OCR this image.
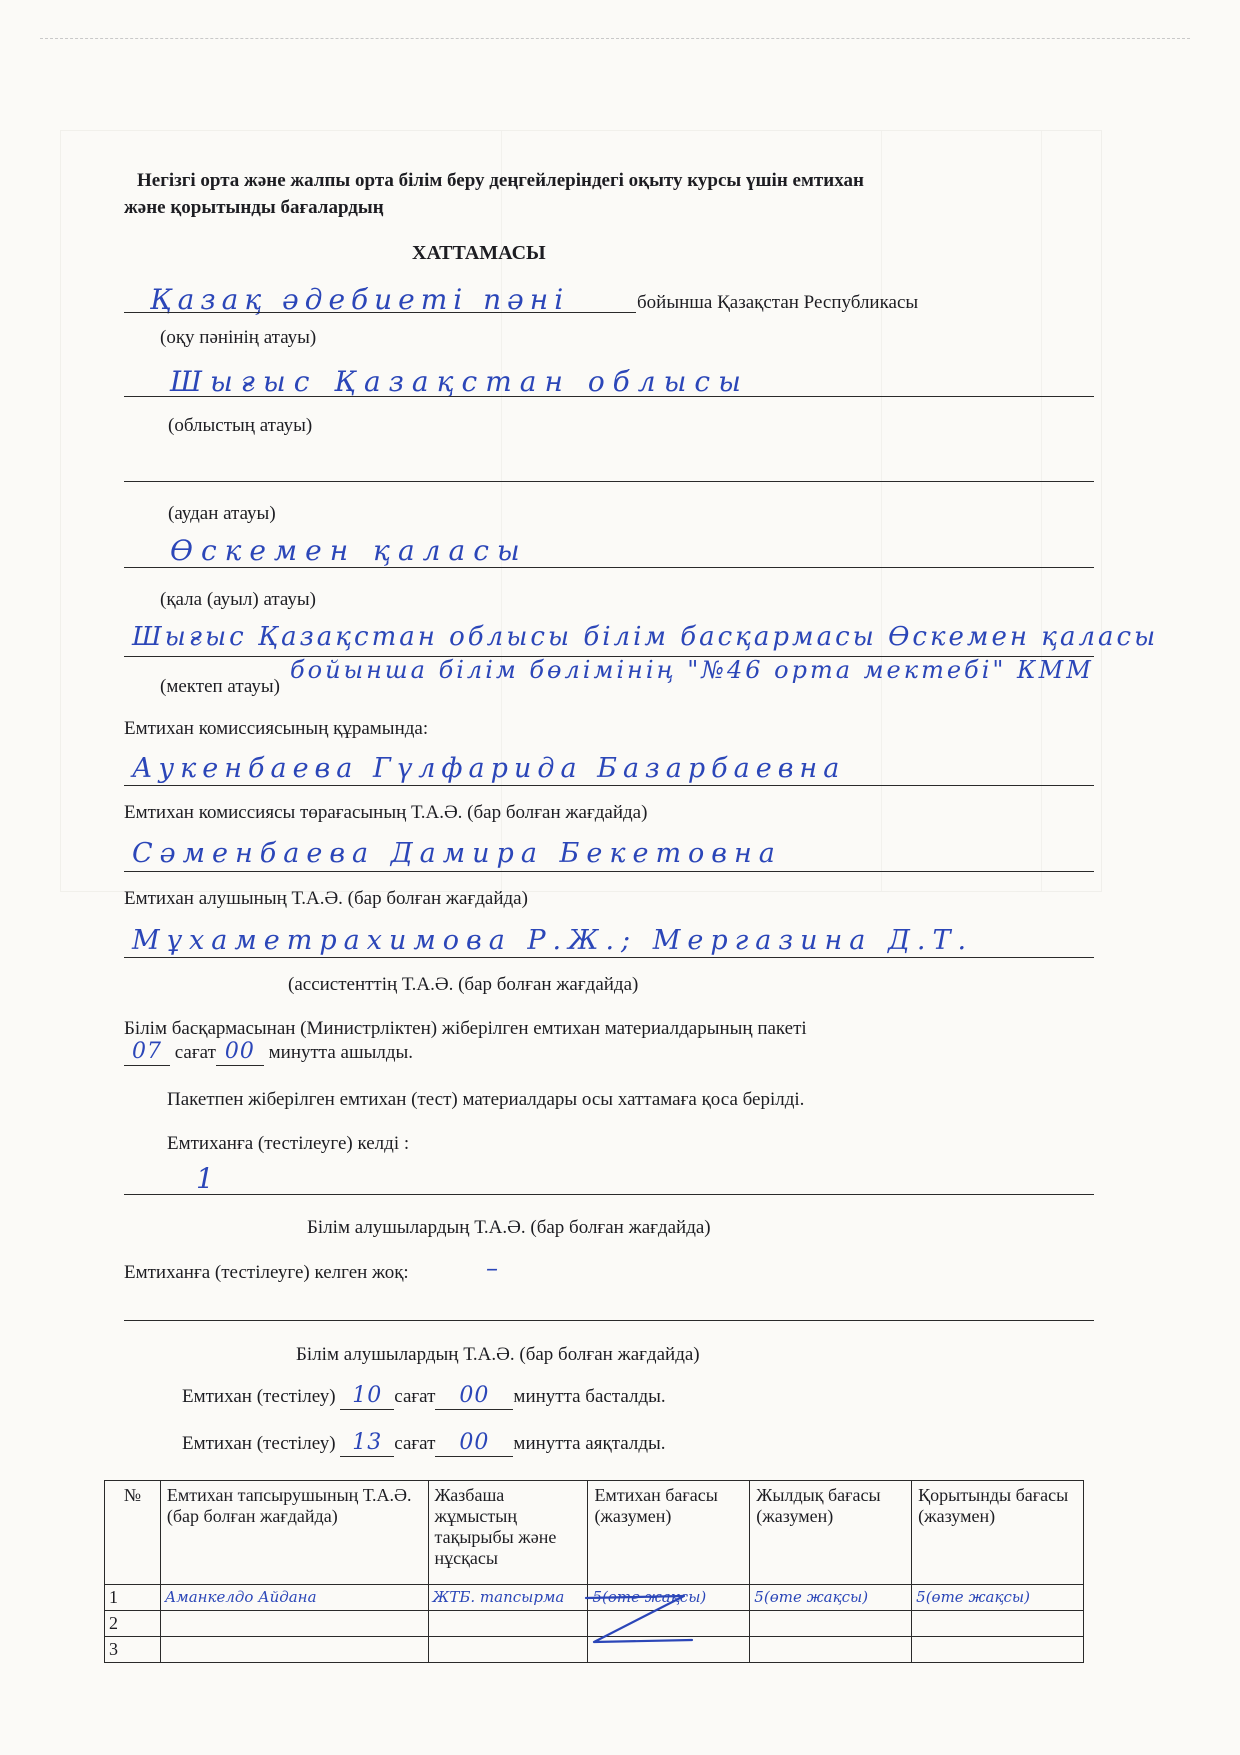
Негізгі орта және жалпы орта білім беру деңгейлеріндегі оқыту курсы үшін емтихан
және қорытынды бағалардың
ХАТТАМАСЫ
Қазақ әдебиеті пәні	бойынша Қазақстан Республикасы
(оқу пәнінің атауы)
Шығыс Қазақстан облысы
(облыстың атауы)
(аудан атауы)
Өскемен қаласы
(қала (ауыл) атауы)
Шығыс Қазақстан облысы білім басқармасы Өскемен қаласы
бойынша білім бөлімінің "№46 орта мектебі" КММ
(мектеп атауы)
Емтихан комиссиясының құрамында:
Аукенбаева Гүлфарида Базарбаевна
Емтихан комиссиясы төрағасының Т.А.Ә. (бар болған жағдайда)
Сәменбаева Дамира Бекетовна
Емтихан алушының Т.А.Ә. (бар болған жағдайда)
Мұхаметрахимова Р.Ж.; Мергазина Д.Т.
(ассистенттің Т.А.Ә. (бар болған жағдайда)
Білім басқармасынан (Министрліктен) жіберілген емтихан материалдарының пакеті
07 сағат 00 минутта ашылды.
Пакетпен жіберілген емтихан (тест) материалдары осы хаттамаға қоса берілді.
Емтиханға (тестілеуге) келді :
1
Білім алушылардың Т.А.Ә. (бар болған жағдайда)
Емтиханға (тестілеуге) келген жоқ:	–
Білім алушылардың Т.А.Ә. (бар болған жағдайда)
Емтихан (тестілеу) 10 сағат 00 минутта басталды.
Емтихан (тестілеу) 13 сағат 00 минутта аяқталды.
№	Емтихан тапсырушының Т.А.Ә. (бар болған жағдайда)	Жазбаша жұмыстың тақырыбы және нұсқасы	Емтихан бағасы (жазумен)	Жылдық бағасы (жазумен)	Қорытынды бағасы (жазумен)
1	Аманкелдо Айдана	ЖТБ. тапсырма	5(өте жақсы)	5(өте жақсы)	5(өте жақсы)
2					
3					
